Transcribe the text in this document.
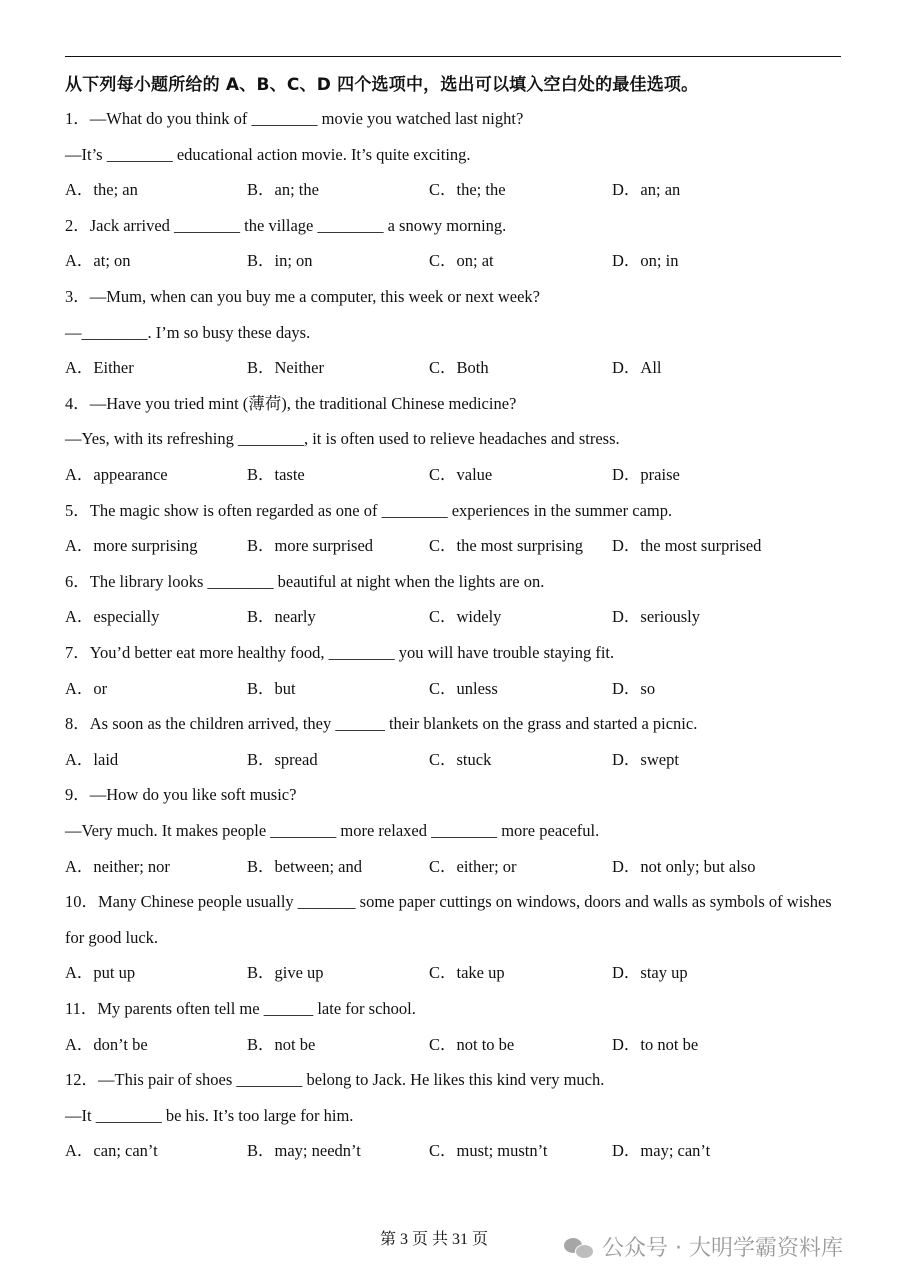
从下列每小题所给的 A、B、C、D 四个选项中，选出可以填入空白处的最佳选项。
1．—What do you think of ________ movie you watched last night?
—It’s ________ educational action movie. It’s quite exciting.
A．the; an	B．an; the	C．the; the	D．an; an
2．Jack arrived ________ the village ________ a snowy morning.
A．at; on	B．in; on	C．on; at	D．on; in
3．—Mum, when can you buy me a computer, this week or next week?
—________. I’m so busy these days.
A．Either	B．Neither	C．Both	D．All
4．—Have you tried mint (薄荷), the traditional Chinese medicine?
—Yes, with its refreshing ________, it is often used to relieve headaches and stress.
A．appearance	B．taste	C．value	D．praise
5．The magic show is often regarded as one of ________ experiences in the summer camp.
A．more surprising	B．more surprised	C．the most surprising D．the most surprised
6．The library looks ________ beautiful at night when the lights are on.
A．especially	B．nearly	C．widely	D．seriously
7．You’d better eat more healthy food, ________ you will have trouble staying fit.
A．or	B．but	C．unless	D．so
8．As soon as the children arrived, they ______ their blankets on the grass and started a picnic.
A．laid	B．spread	C．stuck	D．swept
9．—How do you like soft music?
—Very much. It makes people ________ more relaxed ________ more peaceful.
A．neither; nor	B．between; and	C．either; or	D．not only; but also
10．Many Chinese people usually _______ some paper cuttings on windows, doors and walls as symbols of wishes for good luck.
A．put up	B．give up	C．take up	D．stay up
11．My parents often tell me ______ late for school.
A．don’t be	B．not be	C．not to be	D．to not be
12．—This pair of shoes ________ belong to Jack. He likes this kind very much.
—It ________ be his. It’s too large for him.
A．can; can’t	B．may; needn’t	C．must; mustn’t	D．may; can’t
第 3 页 共 31 页	公众号 · 大明学霸资料库
